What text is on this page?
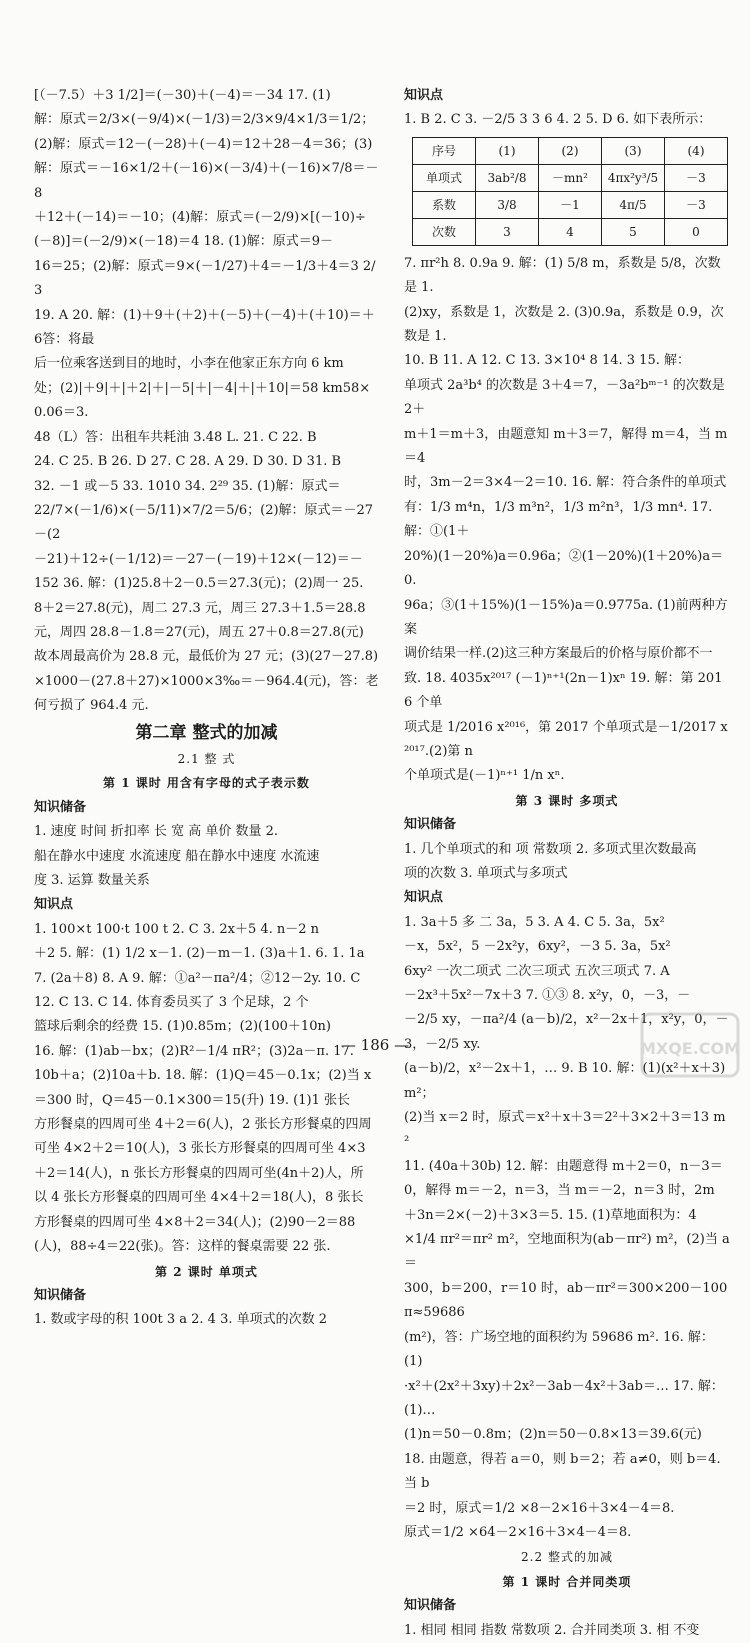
[（－7.5）＋3 1/2]＝(－30)＋(－4)＝－34 17. (1)
解：原式＝2/3×(－9/4)×(－1/3)＝2/3×9/4×1/3＝1/2；
(2)解：原式＝12－(－28)＋(－4)＝12＋28－4＝36；(3)
解：原式＝－16×1/2＋(－16)×(－3/4)＋(－16)×7/8＝－8
＋12＋(－14)＝－10；(4)解：原式＝(－2/9)×[(－10)÷
(－8)]＝(－2/9)×(－18)＝4 18. (1)解：原式＝9－
16＝25；(2)解：原式＝9×(－1/27)＋4＝－1/3＋4＝3 2/3
19. A 20. 解：(1)＋9＋(＋2)＋(－5)＋(－4)＋(＋10)＝＋6答：将最
后一位乘客送到目的地时，小李在他家正东方向 6 km
处；(2)|＋9|＋|＋2|＋|－5|＋|－4|＋|＋10|＝58 km58×0.06＝3.
48（L）答：出租车共耗油 3.48 L. 21. C 22. B
24. C 25. B 26. D 27. C 28. A 29. D 30. D 31. B
32. －1 或－5 33. 1010 34. 2²⁹ 35. (1)解：原式＝
22/7×(－1/6)×(－5/11)×7/2＝5/6；(2)解：原式＝－27－(2
－21)＋12÷(－1/12)＝－27－(－19)＋12×(－12)＝－
152 36. 解：(1)25.8＋2－0.5＝27.3(元)；(2)周一 25.
8＋2＝27.8(元)，周二 27.3 元，周三 27.3＋1.5＝28.8
元，周四 28.8－1.8＝27(元)，周五 27＋0.8＝27.8(元)
故本周最高价为 28.8 元，最低价为 27 元；(3)(27－27.8)
×1000－(27.8＋27)×1000×3‰＝－964.4(元)，答：老
何亏损了 964.4 元.
第二章 整式的加减
2.1 整 式
第 1 课时 用含有字母的式子表示数
知识储备
1. 速度 时间 折扣率 长 宽 高 单价 数量 2.
船在静水中速度 水流速度 船在静水中速度 水流速
度 3. 运算 数量关系
知识点
1. 100×t 100·t 100 t 2. C 3. 2x＋5 4. n－2 n
＋2 5. 解：(1) 1/2 x－1. (2)－m－1. (3)a＋1. 6. 1. 1a
7. (2a＋8) 8. A 9. 解：①a²－πa²/4；②12－2y. 10. C
12. C 13. C 14. 体育委员买了 3 个足球，2 个
篮球后剩余的经费 15. (1)0.85m；(2)(100＋10n)
16. 解：(1)ab－bx；(2)R²－1/4 πR²；(3)2a－π. 17.
10b＋a；(2)10a＋b. 18. 解：(1)Q＝45－0.1x；(2)当 x
＝300 时，Q＝45－0.1×300＝15(升) 19. (1)1 张长
方形餐桌的四周可坐 4＋2＝6(人)，2 张长方形餐桌的四周
可坐 4×2＋2＝10(人)，3 张长方形餐桌的四周可坐 4×3
＋2＝14(人)，n 张长方形餐桌的四周可坐(4n＋2)人，所
以 4 张长方形餐桌的四周可坐 4×4＋2＝18(人)，8 张长
方形餐桌的四周可坐 4×8＋2＝34(人)；(2)90－2＝88
(人)，88÷4＝22(张)。答：这样的餐桌需要 22 张.
第 2 课时 单项式
知识储备
1. 数或字母的积 100t 3 a 2. 4 3. 单项式的次数 2
知识点
1. B 2. C 3. －2/5 3 3 6 4. 2 5. D 6. 如下表所示：
序号	(1)	(2)	(3)	(4)
单项式	3ab²/8	－mn²	4πx²y³/5	－3
系数	3/8	－1	4π/5	－3
次数	3	4	5	0
7. πr²h 8. 0.9a 9. 解：(1) 5/8 m，系数是 5/8，次数是 1.
(2)xy，系数是 1，次数是 2. (3)0.9a，系数是 0.9，次数是 1.
10. B 11. A 12. C 13. 3×10⁴ 8 14. 3 15. 解：
单项式 2a³b⁴ 的次数是 3＋4＝7，－3a²bᵐ⁻¹ 的次数是 2＋
m＋1＝m＋3，由题意知 m＋3＝7，解得 m＝4，当 m＝4
时，3m－2＝3×4－2＝10. 16. 解：符合条件的单项式
有：1/3 m⁴n，1/3 m³n²，1/3 m²n³，1/3 mn⁴. 17. 解：①(1＋
20%)(1－20%)a＝0.96a；②(1－20%)(1＋20%)a＝0.
96a；③(1＋15%)(1－15%)a＝0.9775a. (1)前两种方案
调价结果一样.(2)这三种方案最后的价格与原价都不一
致. 18. 4035x²⁰¹⁷ (－1)ⁿ⁺¹(2n－1)xⁿ 19. 解：第 2016 个单
项式是 1/2016 x²⁰¹⁶，第 2017 个单项式是－1/2017 x²⁰¹⁷.(2)第 n
个单项式是(－1)ⁿ⁺¹ 1/n xⁿ.
第 3 课时 多项式
知识储备
1. 几个单项式的和 项 常数项 2. 多项式里次数最高
项的次数 3. 单项式与多项式
知识点
1. 3a＋5 多 二 3a，5 3. A 4. C 5. 3a，5x²
－x，5x²，5 －2x²y，6xy²，－3 5. 3a，5x²
6xy² 一次二项式 二次三项式 五次三项式 7. A
－2x³＋5x²－7x＋3 7. ①③ 8. x²y，0，－3，－
－2/5 xy，－πa²/4 (a－b)/2，x²－2x＋1，x²y，0，－3，－2/5 xy.
(a－b)/2，x²－2x＋1，… 9. B 10. 解：(1)(x²＋x＋3) m²；
(2)当 x＝2 时，原式＝x²＋x＋3＝2²＋3×2＋3＝13 m²
11. (40a＋30b) 12. 解：由题意得 m＋2＝0，n－3＝0，解得 m＝－2，n＝3，当 m＝－2，n＝3 时，2m
＋3n＝2×(－2)＋3×3＝5. 15. (1)草地面积为：4
×1/4 πr²＝πr² m²，空地面积为(ab－πr²) m²，(2)当 a＝
300，b＝200，r＝10 时，ab－πr²＝300×200－100π≈59686
(m²)，答：广场空地的面积约为 59686 m². 16. 解：(1)
·x²＋(2x²＋3xy)＋2x²－3ab－4x²＋3ab＝… 17. 解：(1)…
(1)n＝50－0.8m；(2)n＝50－0.8×13＝39.6(元)
18. 由题意，得若 a＝0，则 b＝2；若 a≠0，则 b＝4. 当 b
＝2 时，原式＝1/2 ×8－2×16＋3×4－4＝8.
原式＝1/2 ×64－2×16＋3×4－4＝8.
2.2 整式的加减
第 1 课时 合并同类项
知识储备
1. 相同 相同 指数 常数项 2. 合并同类项 3. 相 不变
— 186 —	MXQE.COM
